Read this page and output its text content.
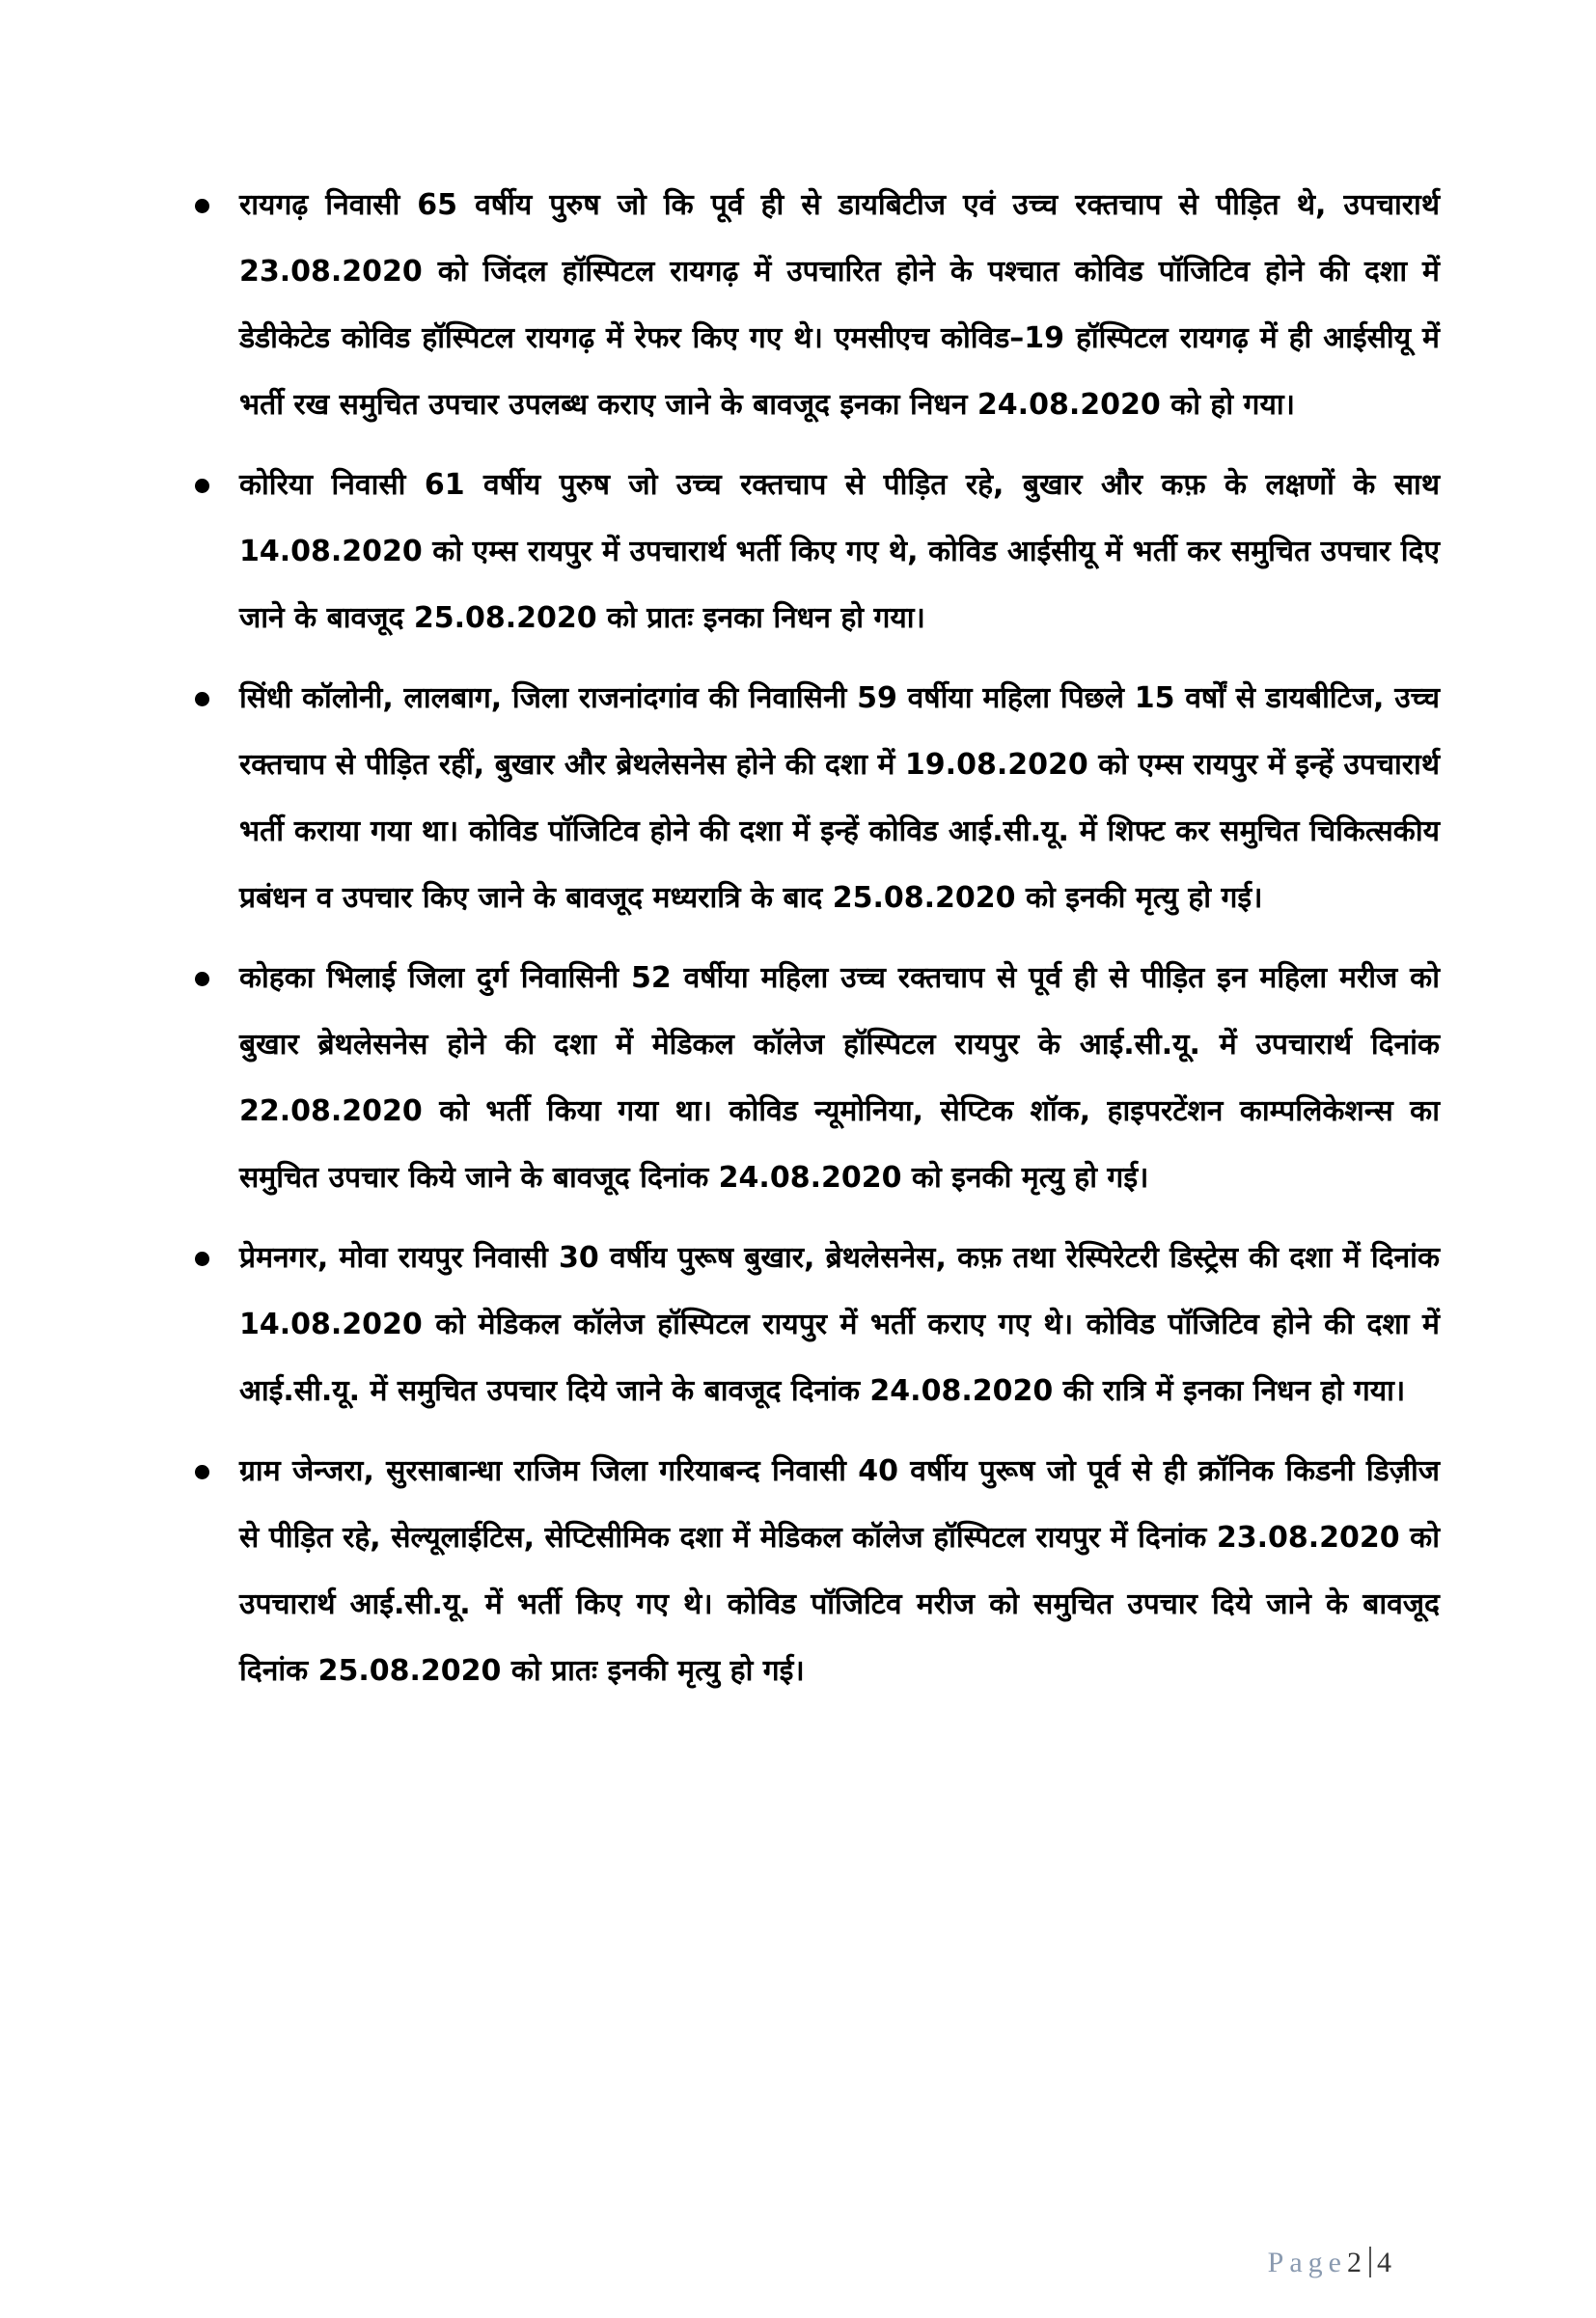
रायगढ़ निवासी 65 वर्षीय पुरुष जो कि पूर्व ही से डायबिटीज एवं उच्च रक्तचाप से पीड़ित थे, उपचारार्थ 23.08.2020 को जिंदल हॉस्पिटल रायगढ़ में उपचारित होने के पश्चात कोविड पॉजिटिव होने की दशा में डेडीकेटेड कोविड हॉस्पिटल रायगढ़ में रेफर किए गए थे। एमसीएच कोविड–19 हॉस्पिटल रायगढ़ में ही आईसीयू में भर्ती रख समुचित उपचार उपलब्ध कराए जाने के बावजूद इनका निधन 24.08.2020 को हो गया।
कोरिया निवासी 61 वर्षीय पुरुष जो उच्च रक्तचाप से पीड़ित रहे, बुखार और कफ़ के लक्षणों के साथ 14.08.2020 को एम्स रायपुर में उपचारार्थ भर्ती किए गए थे, कोविड आईसीयू में भर्ती कर समुचित उपचार दिए जाने के बावजूद 25.08.2020 को प्रातः इनका निधन हो गया।
सिंधी कॉलोनी, लालबाग, जिला राजनांदगांव की निवासिनी 59 वर्षीया महिला पिछले 15 वर्षों से डायबीटिज, उच्च रक्तचाप से पीड़ित रहीं, बुखार और ब्रेथलेसनेस होने की दशा में 19.08.2020 को एम्स रायपुर में इन्हें उपचारार्थ भर्ती कराया गया था। कोविड पॉजिटिव होने की दशा में इन्हें कोविड आई.सी.यू. में शिफ्ट कर समुचित चिकित्सकीय प्रबंधन व उपचार किए जाने के बावजूद मध्यरात्रि के बाद 25.08.2020 को इनकी मृत्यु हो गई।
कोहका भिलाई जिला दुर्ग निवासिनी 52 वर्षीया महिला उच्च रक्तचाप से पूर्व ही से पीड़ित इन महिला मरीज को बुखार ब्रेथलेसनेस होने की दशा में मेडिकल कॉलेज हॉस्पिटल रायपुर के आई.सी.यू. में उपचारार्थ दिनांक 22.08.2020 को भर्ती किया गया था। कोविड न्यूमोनिया, सेप्टिक शॉक, हाइपरटेंशन काम्पलिकेशन्स का समुचित उपचार किये जाने के बावजूद दिनांक 24.08.2020 को इनकी मृत्यु हो गई।
प्रेमनगर, मोवा रायपुर निवासी 30 वर्षीय पुरूष बुखार, ब्रेथलेसनेस, कफ़ तथा रेस्पिरेटरी डिस्ट्रेस की दशा में दिनांक 14.08.2020 को मेडिकल कॉलेज हॉस्पिटल रायपुर में भर्ती कराए गए थे। कोविड पॉजिटिव होने की दशा में आई.सी.यू. में समुचित उपचार दिये जाने के बावजूद दिनांक 24.08.2020 की रात्रि में इनका निधन हो गया।
ग्राम जेन्जरा, सुरसाबान्धा राजिम जिला गरियाबन्द निवासी 40 वर्षीय पुरूष जो पूर्व से ही क्रॉनिक किडनी डिज़ीज से पीड़ित रहे, सेल्यूलाईटिस, सेप्टिसीमिक दशा में मेडिकल कॉलेज हॉस्पिटल रायपुर में दिनांक 23.08.2020 को उपचारार्थ आई.सी.यू. में भर्ती किए गए थे। कोविड पॉजिटिव मरीज को समुचित उपचार दिये जाने के बावजूद दिनांक 25.08.2020 को प्रातः इनकी मृत्यु हो गई।
Page2 4
